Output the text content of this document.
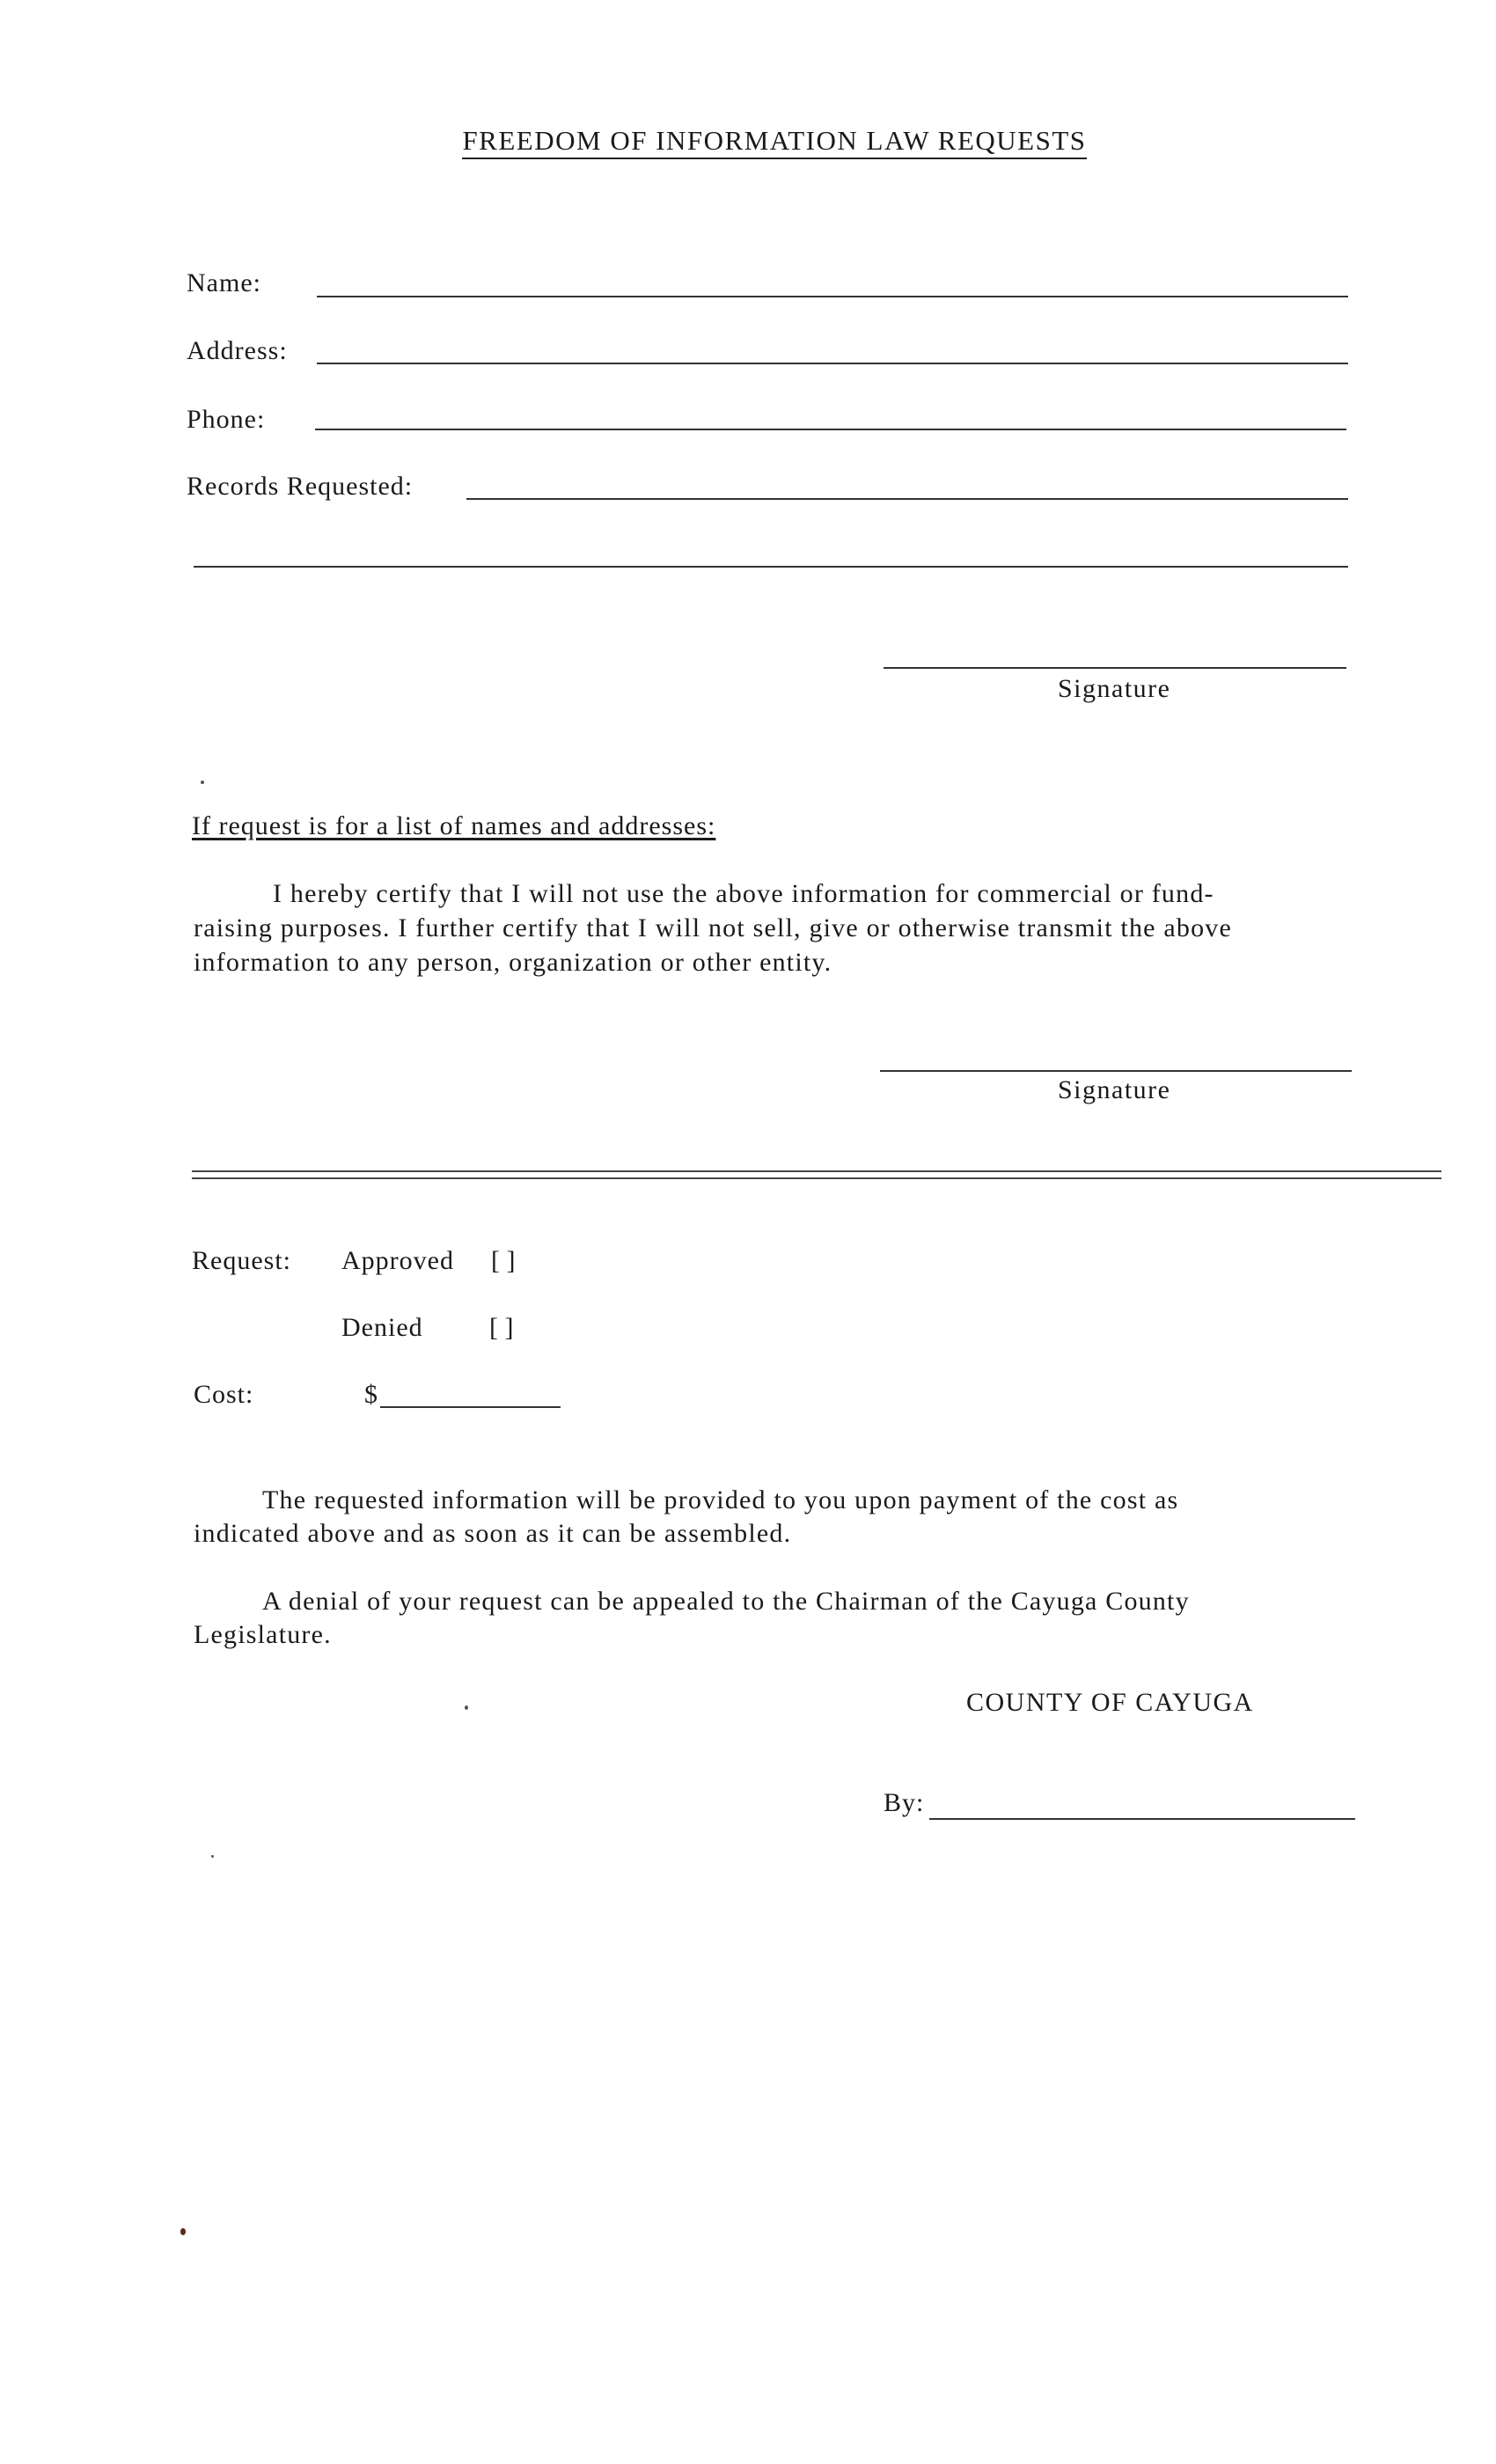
FREEDOM OF INFORMATION LAW REQUESTS
Name:
Address:
Phone:
Records Requested:
Signature
If request is for a list of names and addresses:
I hereby certify that I will not use the above information for commercial or fund-
raising purposes. I further certify that I will not sell, give or otherwise transmit the above
information to any person, organization or other entity.
Signature
Request: Approved [ ]
Denied	[ ]
Cost:	$
The requested information will be provided to you upon payment of the cost as
indicated above and as soon as it can be assembled.
A denial of your request can be appealed to the Chairman of the Cayuga County
Legislature.
COUNTY OF CAYUGA
By:
